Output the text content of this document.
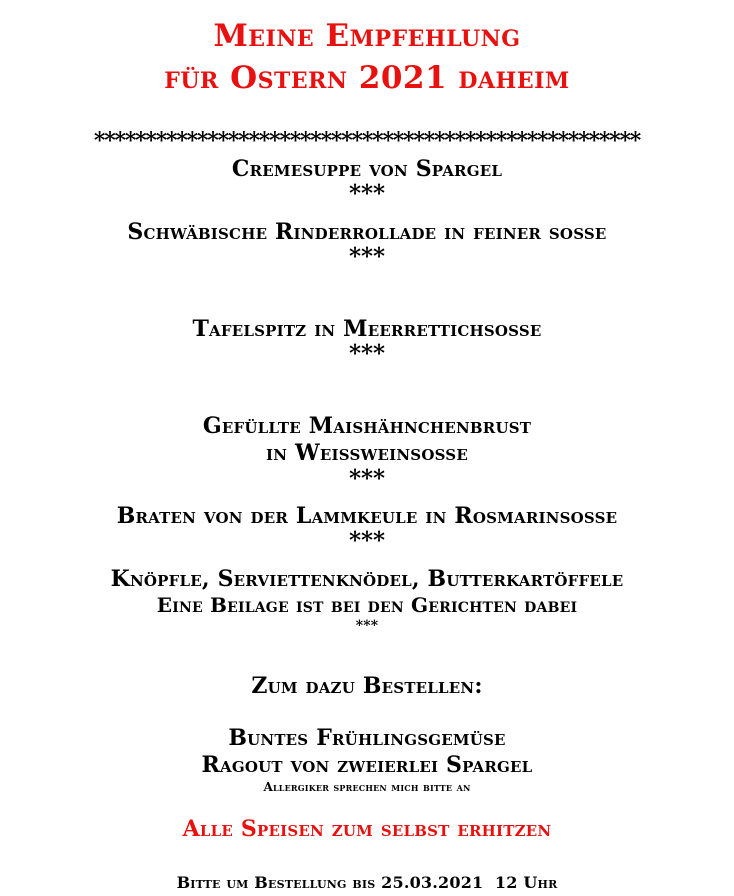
Meine Empfehlung
für Ostern 2021 daheim
*****************************************************
Cremesuppe von Spargel
***
Schwäbische Rinderrollade in feiner sosse
***
Tafelspitz in Meerrettichsosse
***
Gefüllte Maishähnchenbrust
in Weissweinsosse
***
Braten von der Lammkeule in Rosmarinsosse
***
Knöpfle, Serviettenknödel, Butterkartöffele
Eine Beilage ist bei den Gerichten dabei
***
Zum dazu Bestellen:
Buntes Frühlingsgemüse
Ragout von zweierlei Spargel
Allergiker sprechen mich bitte an
Alle Speisen zum selbst erhitzen
Bitte um Bestellung bis 25.03.2021  12 Uhr
